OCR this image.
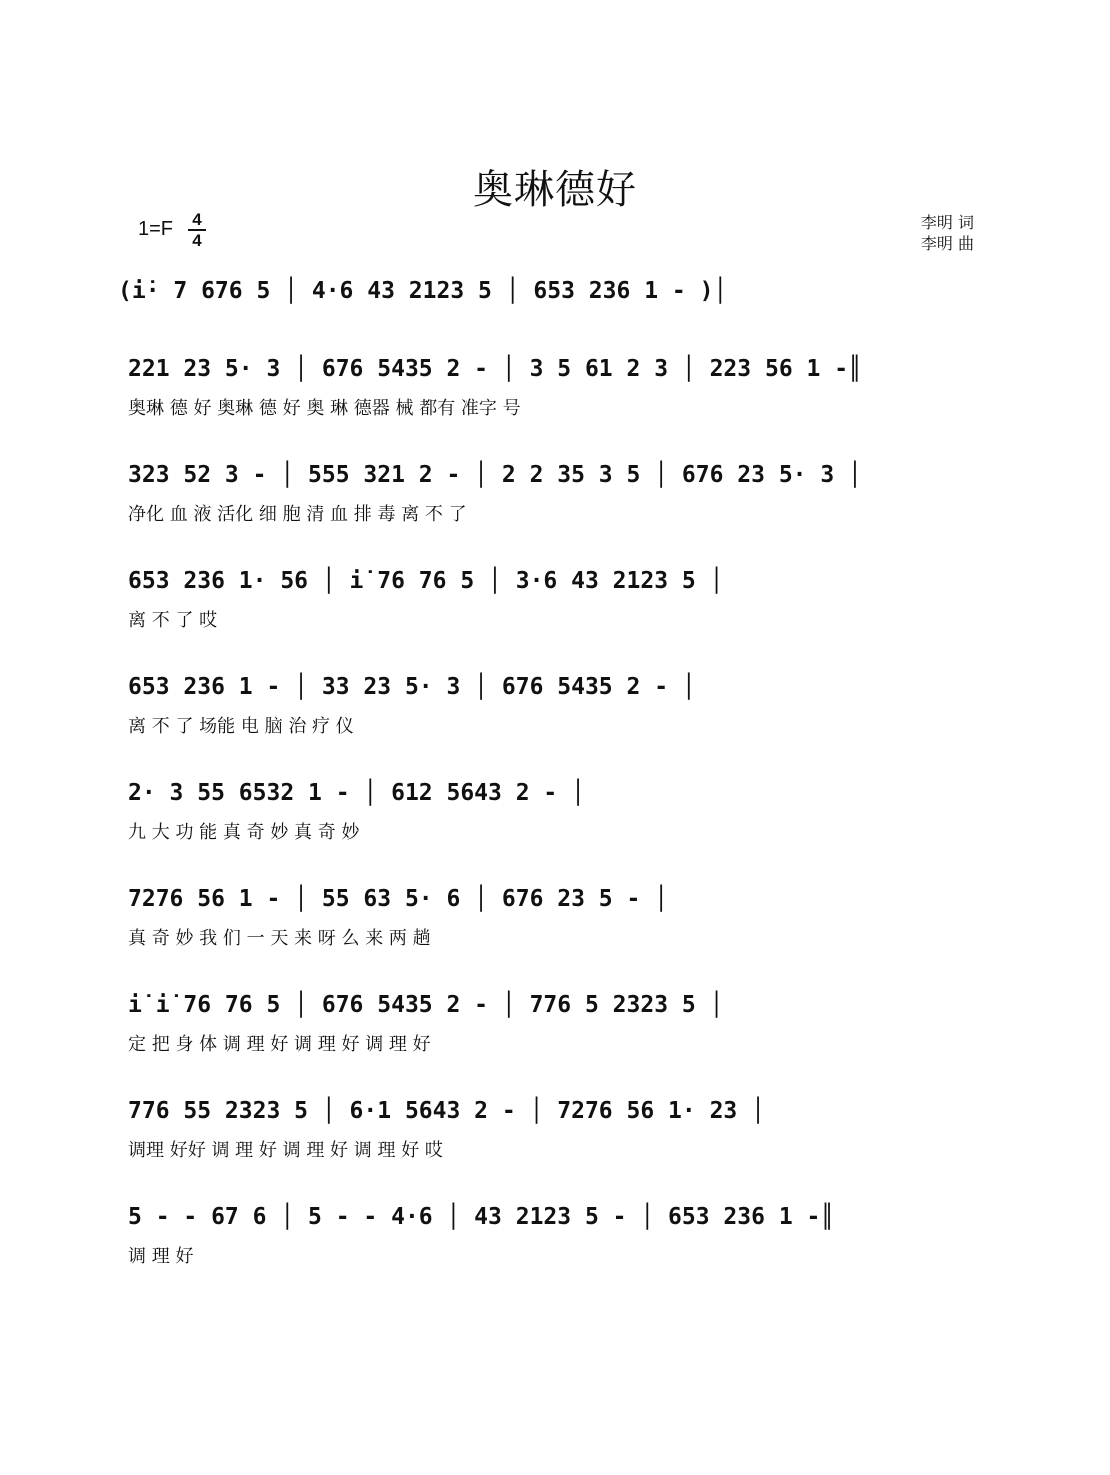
奥琳德好
1=F 4
4
李明 词
李明 曲
(i̇· 7 676 5 │ 4·6 43 2123 5 │ 653 236 1 - )│
221 23 5· 3 │ 676 5435 2 - │ 3 5 61 2 3 │ 223 56 1 -║
奥琳 德 好 奥琳 德 好 奥 琳 德器 械 都有 准字 号
323 52 3 - │ 555 321 2 - │ 2 2 35 3 5 │ 676 23 5· 3 │
净化 血 液 活化 细 胞 清 血 排 毒 离 不 了
653 236 1· 56 │ i̇ 76 76 5 │ 3·6 43 2123 5 │
离 不 了 哎
653 236 1 - │ 33 23 5· 3 │ 676 5435 2 - │
离 不 了 场能 电 脑 治 疗 仪
2· 3 55 6532 1 - │ 612 5643 2 - │
九 大 功 能 真 奇 妙 真 奇 妙
7276 56 1 - │ 55 63 5· 6 │ 676 23 5 - │
真 奇 妙 我 们 一 天 来 呀 么 来 两 趟
i̇ i̇ 76 76 5 │ 676 5435 2 - │ 776 5 2323 5 │
定 把 身 体 调 理 好 调 理 好 调 理 好
776 55 2323 5 │ 6·1 5643 2 - │ 7276 56 1· 23 │
调理 好好 调 理 好 调 理 好 调 理 好 哎
5 - - 67 6 │ 5 - - 4·6 │ 43 2123 5 - │ 653 236 1 -║
调 理 好
